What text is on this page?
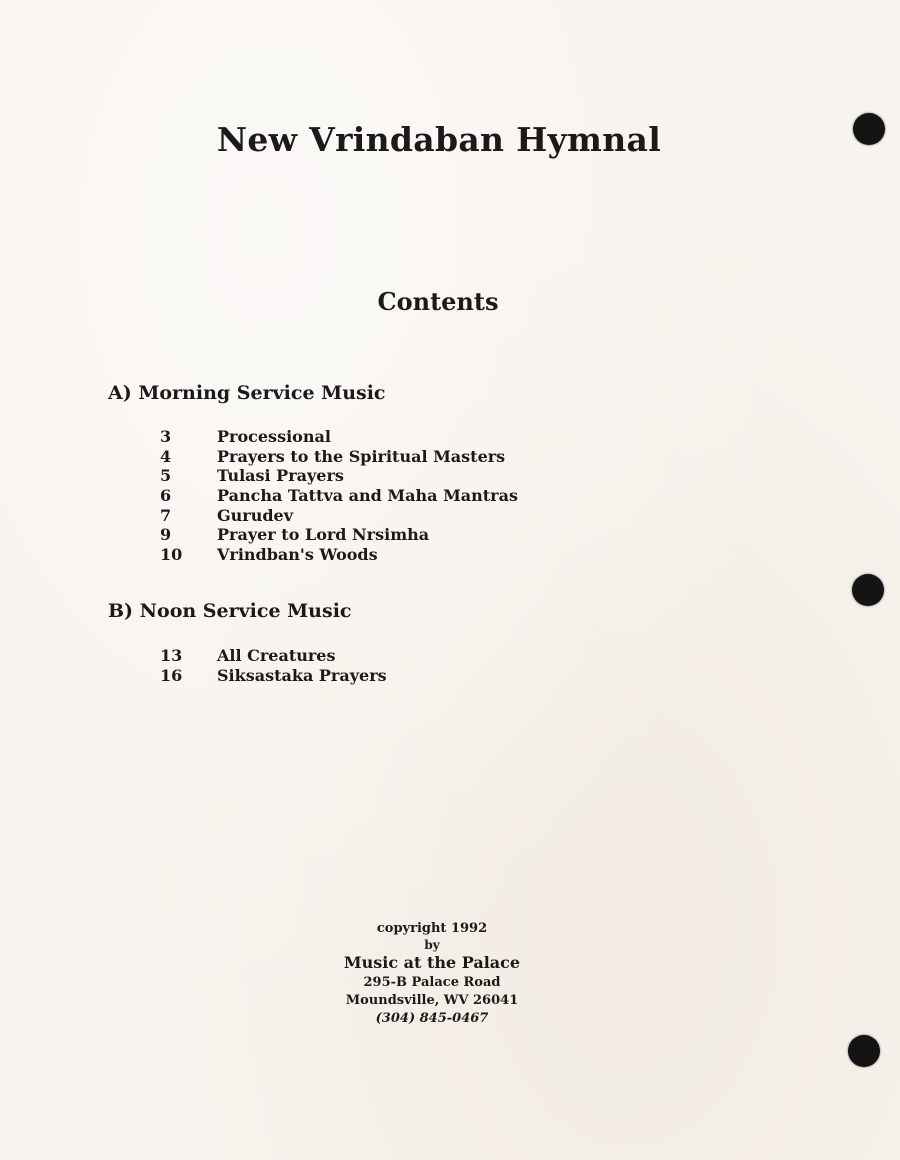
New Vrindaban Hymnal
Contents
A) Morning Service Music
3	Processional
4	Prayers to the Spiritual Masters
5	Tulasi Prayers
6	Pancha Tattva and Maha Mantras
7	Gurudev
9	Prayer to Lord Nrsimha
10	Vrindban's Woods
B) Noon Service Music
13	All Creatures
16	Siksastaka Prayers
copyright 1992
by
Music at the Palace
295-B Palace Road
Moundsville, WV 26041
(304) 845-0467
